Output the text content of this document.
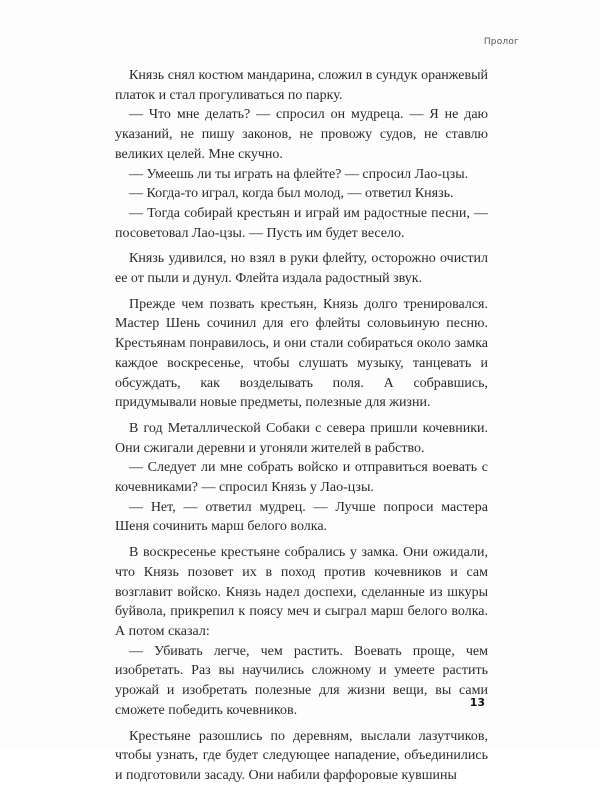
Пролог

Князь снял костюм мандарина, сложил в сундук оранжевый платок и стал прогуливаться по парку.

— Что мне делать? — спросил он мудреца. — Я не даю указаний, не пишу законов, не провожу судов, не ставлю великих целей. Мне скучно.

— Умеешь ли ты играть на флейте? — спросил Лао-цзы.

— Когда-то играл, когда был молод, — ответил Князь.

— Тогда собирай крестьян и играй им радостные песни, — посоветовал Лао-цзы. — Пусть им будет весело.

Князь удивился, но взял в руки флейту, осторожно очистил ее от пыли и дунул. Флейта издала радостный звук.

Прежде чем позвать крестьян, Князь долго тренировался. Мастер Шень сочинил для его флейты соловьиную песню. Крестьянам понравилось, и они стали собираться около замка каждое воскресенье, чтобы слушать музыку, танцевать и обсуждать, как возделывать поля. А собравшись, придумывали новые предметы, полезные для жизни.

В год Металлической Собаки с севера пришли кочевники. Они сжигали деревни и угоняли жителей в рабство.

— Следует ли мне собрать войско и отправиться воевать с кочевниками? — спросил Князь у Лао-цзы.

— Нет, — ответил мудрец. — Лучше попроси мастера Шеня сочинить марш белого волка.

В воскресенье крестьяне собрались у замка. Они ожидали, что Князь позовет их в поход против кочевников и сам возглавит войско. Князь надел доспехи, сделанные из шкуры буйвола, прикрепил к поясу меч и сыграл марш белого волка. А потом сказал:

— Убивать легче, чем растить. Воевать проще, чем изобретать. Раз вы научились сложному и умеете растить урожай и изобретать полезные для жизни вещи, вы сами сможете победить кочевников.

Крестьяне разошлись по деревням, выслали лазутчиков, чтобы узнать, где будет следующее нападение, объединились и подготовили засаду. Они набили фарфоровые кувшины

13
